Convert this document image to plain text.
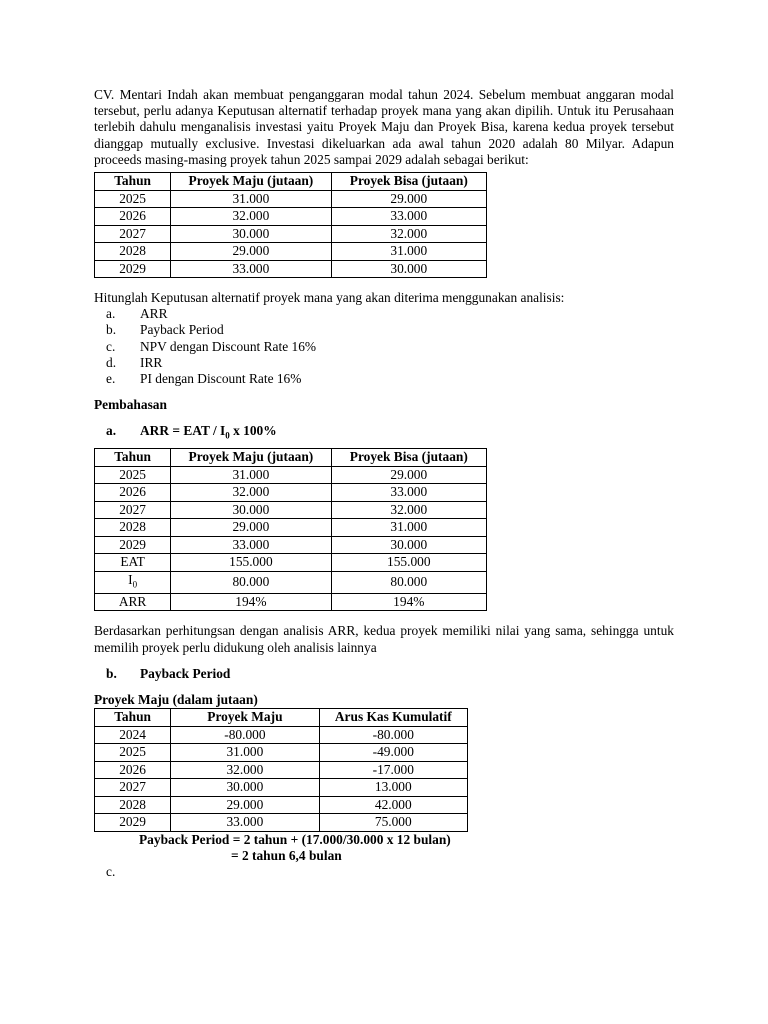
CV. Mentari Indah akan membuat penganggaran modal tahun 2024. Sebelum membuat anggaran modal tersebut, perlu adanya Keputusan alternatif terhadap proyek mana yang akan dipilih. Untuk itu Perusahaan terlebih dahulu menganalisis investasi yaitu Proyek Maju dan Proyek Bisa, karena kedua proyek tersebut dianggap mutually exclusive. Investasi dikeluarkan ada awal tahun 2020 adalah 80 Milyar. Adapun proceeds masing-masing proyek tahun 2025 sampai 2029 adalah sebagai berikut:

Tahun	Proyek Maju (jutaan)	Proyek Bisa (jutaan)
2025	31.000	29.000
2026	32.000	33.000
2027	30.000	32.000
2028	29.000	31.000
2029	33.000	30.000

Hitunglah Keputusan alternatif proyek mana yang akan diterima menggunakan analisis:

a.	ARR
b.	Payback Period
c.	NPV dengan Discount Rate 16%
d.	IRR
e.	PI dengan Discount Rate 16%

Pembahasan

a.	ARR = EAT / $I_0$ x 100%
Tahun	Proyek Maju (jutaan)	Proyek Bisa (jutaan)
2025	31.000	29.000
2026	32.000	33.000
2027	30.000	32.000
2028	29.000	31.000
2029	33.000	30.000
EAT	155.000	155.000
$I_0$	80.000	80.000
ARR	194%	194%

Berdasarkan perhitungsan dengan analisis ARR, kedua proyek memiliki nilai yang sama, sehingga untuk memilih proyek perlu didukung oleh analisis lainnya

b.	Payback Period

Proyek Maju (dalam jutaan)

Tahun	Proyek Maju	Arus Kas Kumulatif
2024	-80.000	-80.000
2025	31.000	-49.000
2026	32.000	-17.000
2027	30.000	13.000
2028	29.000	42.000
2029	33.000	75.000
Payback Period = 2 tahun + (17.000/30.000 x 12 bulan)
= 2 tahun 6,4 bulan
c.
